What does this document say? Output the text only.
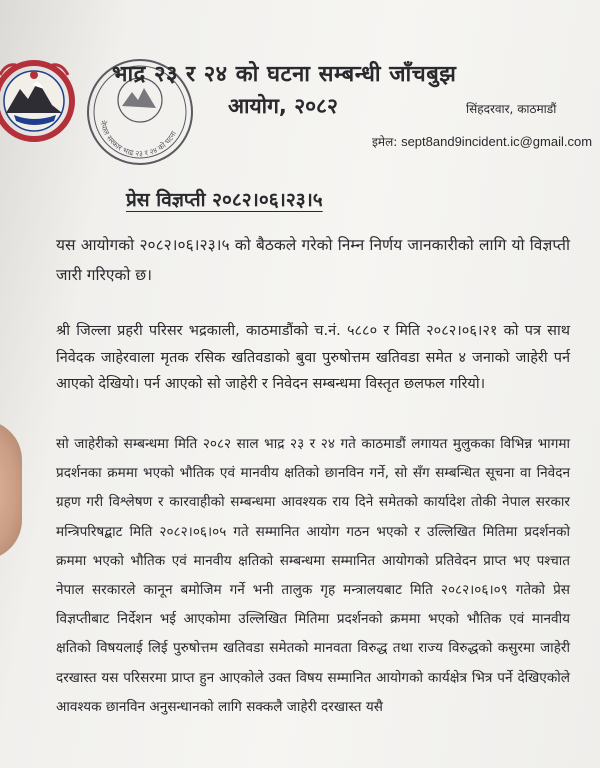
नेपाल सरकार भाद्र २३ र २४ को घटना
भाद्र २३ र २४ को घटना सम्बन्धी जाँचबुझ
आयोग, २०८२	सिंहदरवार, काठमाडौं
इमेल: sept8and9incident.ic@gmail.com
प्रेस विज्ञप्ती २०८२।०६।२३।५

यस आयोगको २०८२।०६।२३।५ को बैठकले गरेको निम्न निर्णय जानकारीको लागि यो विज्ञप्ती जारी गरिएको छ।

श्री जिल्ला प्रहरी परिसर भद्रकाली, काठमाडौंको च.नं. ५८८० र मिति २०८२।०६।२१ को पत्र साथ निवेदक जाहेरवाला मृतक रसिक खतिवडाको बुवा पुरुषोत्तम खतिवडा समेत ४ जनाको जाहेरी पर्न आएको देखियो। पर्न आएको सो जाहेरी र निवेदन सम्बन्धमा विस्तृत छलफल गरियो।

सो जाहेरीको सम्बन्धमा मिति २०८२ साल भाद्र २३ र २४ गते काठमाडौं लगायत मुलुकका विभिन्न भागमा प्रदर्शनका क्रममा भएको भौतिक एवं मानवीय क्षतिको छानविन गर्ने, सो सँग सम्बन्धित सूचना वा निवेदन ग्रहण गरी विश्लेषण र कारवाहीको सम्बन्धमा आवश्यक राय दिने समेतको कार्यादेश तोकी नेपाल सरकार मन्त्रिपरिषद्बाट मिति २०८२।०६।०५ गते सम्मानित आयोग गठन भएको र उल्लिखित मितिमा प्रदर्शनको क्रममा भएको भौतिक एवं मानवीय क्षतिको सम्बन्धमा सम्मानित आयोगको प्रतिवेदन प्राप्त भए पश्चात नेपाल सरकारले कानून बमोजिम गर्ने भनी तालुक गृह मन्त्रालयबाट मिति २०८२।०६।०९ गतेको प्रेस विज्ञप्तीबाट निर्देशन भई आएकोमा उल्लिखित मितिमा प्रदर्शनको क्रममा भएको भौतिक एवं मानवीय क्षतिको विषयलाई लिई पुरुषोत्तम खतिवडा समेतको मानवता विरुद्ध तथा राज्य विरुद्धको कसुरमा जाहेरी दरखास्त यस परिसरमा प्राप्त हुन आएकोले उक्त विषय सम्मानित आयोगको कार्यक्षेत्र भित्र पर्ने देखिएकोले आवश्यक छानविन अनुसन्धानको लागि सक्कलै जाहेरी दरखास्त यसै
